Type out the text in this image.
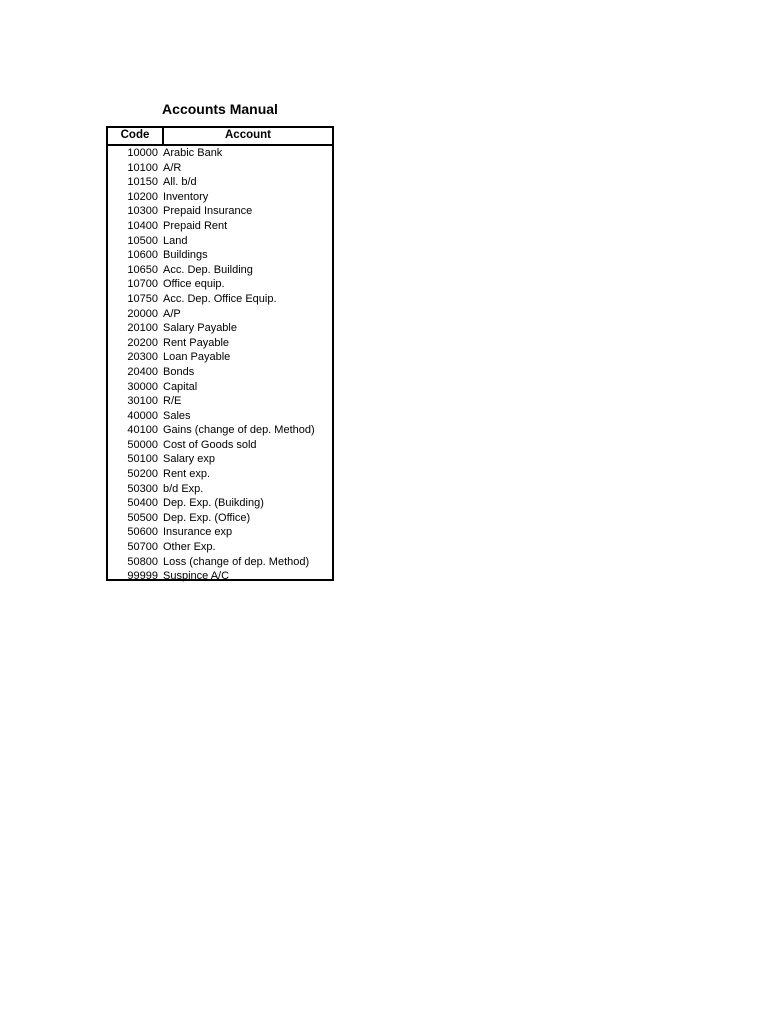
Accounts Manual
Code	Account
10000 Arabic Bank
10100 A/R
10150 All. b/d
10200 Inventory
10300 Prepaid Insurance
10400 Prepaid Rent
10500 Land
10600 Buildings
10650 Acc. Dep. Building
10700 Office equip.
10750 Acc. Dep. Office Equip.
20000 A/P
20100 Salary Payable
20200 Rent Payable
20300 Loan Payable
20400 Bonds
30000 Capital
30100 R/E
40000 Sales
40100 Gains (change of dep. Method)
50000 Cost of Goods sold
50100 Salary exp
50200 Rent exp.
50300 b/d Exp.
50400 Dep. Exp. (Buikding)
50500 Dep. Exp. (Office)
50600 Insurance exp
50700 Other Exp.
50800 Loss (change of dep. Method)
99999 Suspince A/C
